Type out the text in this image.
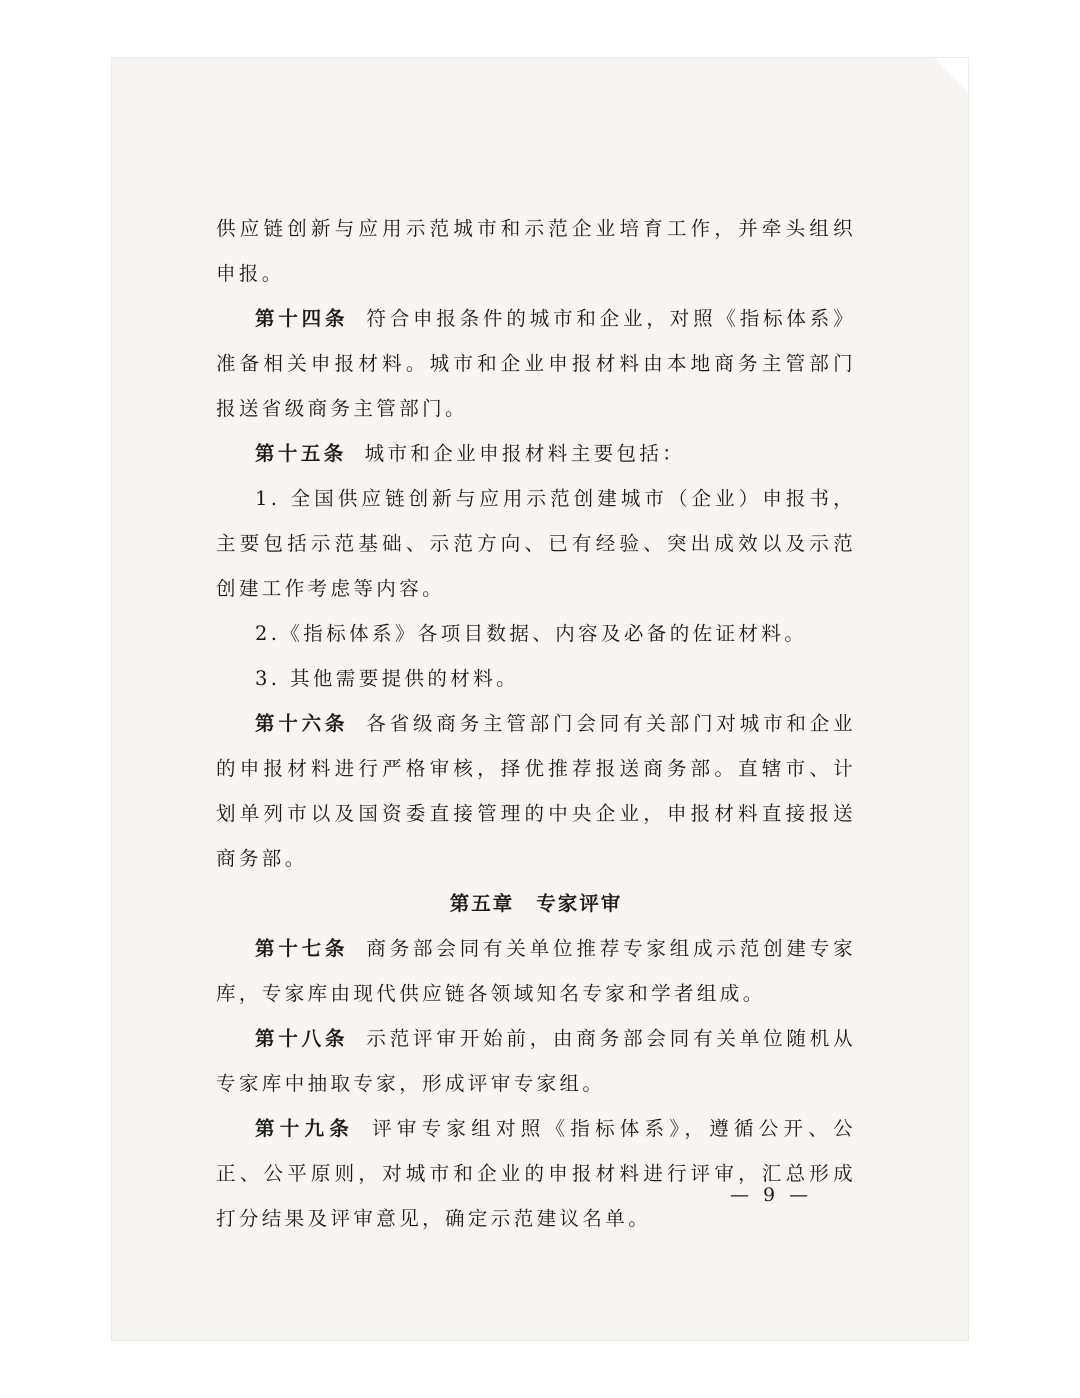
供应链创新与应用示范城市和示范企业培育工作，并牵头组织申报。

第十四条 符合申报条件的城市和企业，对照《指标体系》准备相关申报材料。城市和企业申报材料由本地商务主管部门报送省级商务主管部门。

第十五条 城市和企业申报材料主要包括：

1. 全国供应链创新与应用示范创建城市（企业）申报书，主要包括示范基础、示范方向、已有经验、突出成效以及示范创建工作考虑等内容。

2.《指标体系》各项目数据、内容及必备的佐证材料。

3. 其他需要提供的材料。

第十六条 各省级商务主管部门会同有关部门对城市和企业的申报材料进行严格审核，择优推荐报送商务部。直辖市、计划单列市以及国资委直接管理的中央企业，申报材料直接报送商务部。

第五章 专家评审

第十七条 商务部会同有关单位推荐专家组成示范创建专家库，专家库由现代供应链各领域知名专家和学者组成。

第十八条 示范评审开始前，由商务部会同有关单位随机从专家库中抽取专家，形成评审专家组。

第十九条 评审专家组对照《指标体系》，遵循公开、公正、公平原则，对城市和企业的申报材料进行评审，汇总形成打分结果及评审意见，确定示范建议名单。

— 9 —
